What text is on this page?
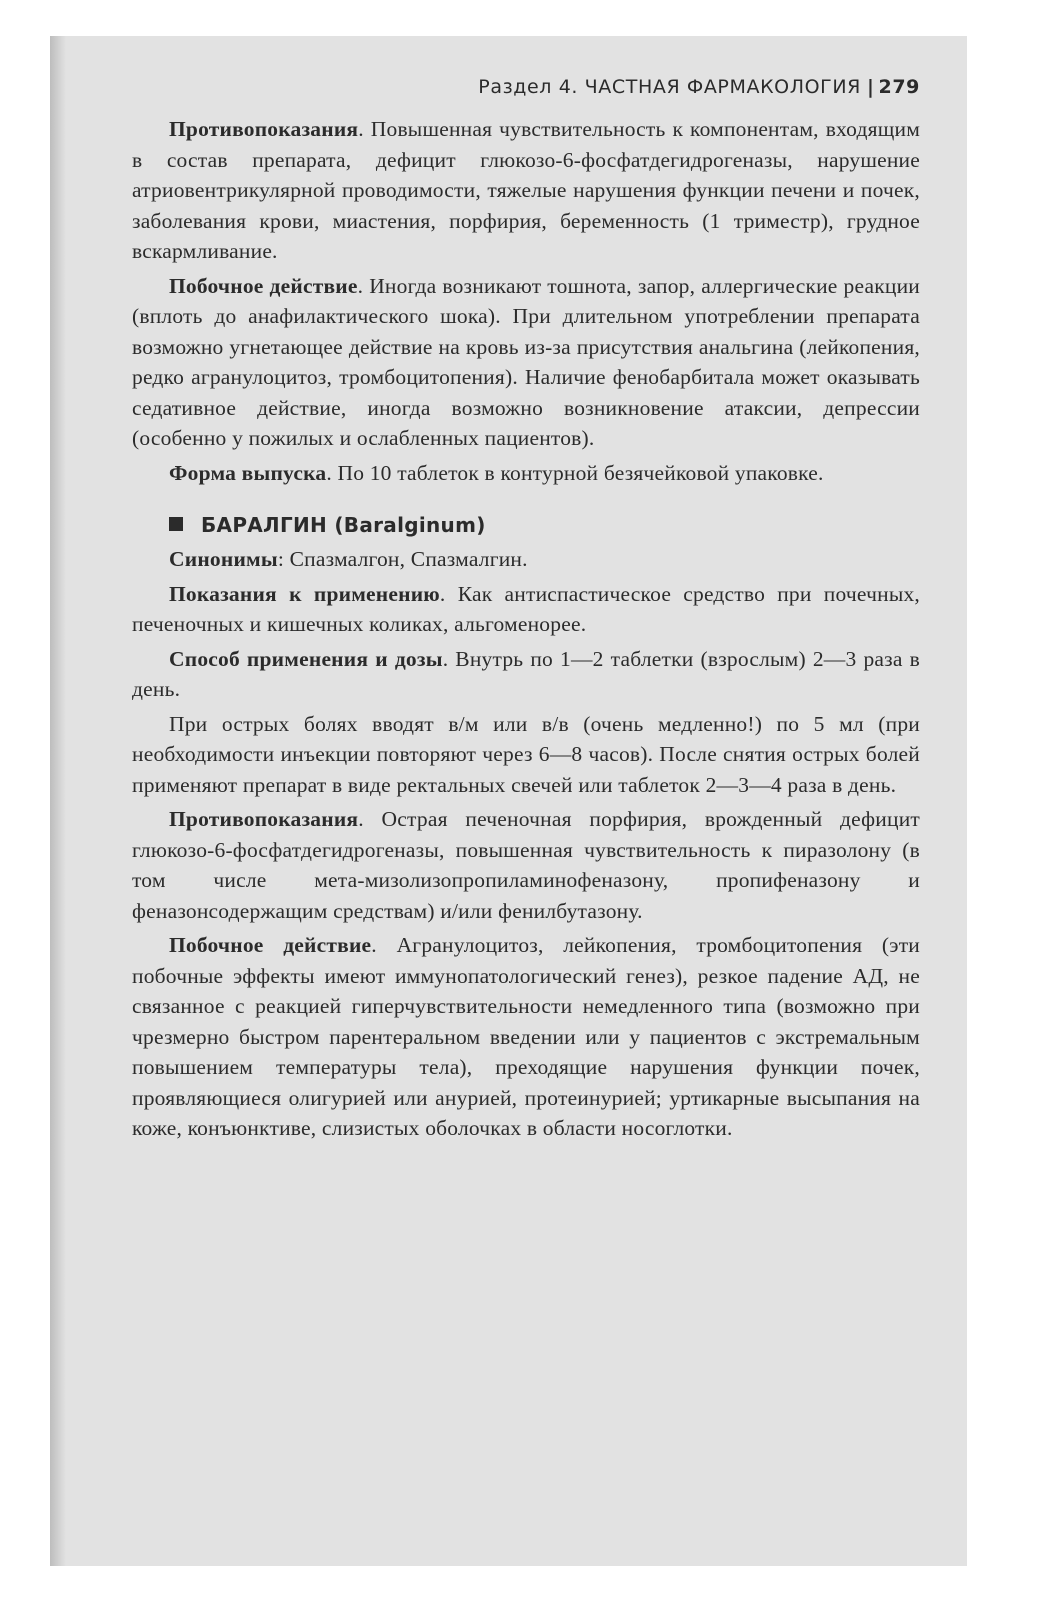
Раздел 4. ЧАСТНАЯ ФАРМАКОЛОГИЯ | 279

Противопоказания. Повышенная чувствительность к компонентам, входящим в состав препарата, дефицит глюкозо-6-фосфатдегидрогеназы, нарушение атриовентрикулярной проводимости, тяжелые нарушения функции печени и почек, заболевания крови, миастения, порфирия, беременность (1 триместр), грудное вскармливание.

Побочное действие. Иногда возникают тошнота, запор, аллергические реакции (вплоть до анафилактического шока). При длительном употреблении препарата возможно угнетающее действие на кровь из-за присутствия анальгина (лейкопения, редко агранулоцитоз, тромбоцитопения). Наличие фенобарбитала может оказывать седативное действие, иногда возможно возникновение атаксии, депрессии (особенно у пожилых и ослабленных пациентов).

Форма выпуска. По 10 таблеток в контурной безячейковой упаковке.

БАРАЛГИН (Baralginum)

Синонимы: Спазмалгон, Спазмалгин.

Показания к применению. Как антиспастическое средство при почечных, печеночных и кишечных коликах, альгоменорее.

Способ применения и дозы. Внутрь по 1—2 таблетки (взрослым) 2—3 раза в день.

При острых болях вводят в/м или в/в (очень медленно!) по 5 мл (при необходимости инъекции повторяют через 6—8 часов). После снятия острых болей применяют препарат в виде ректальных свечей или таблеток 2—3—4 раза в день.

Противопоказания. Острая печеночная порфирия, врожденный дефицит глюкозо-6-фосфатдегидрогеназы, повышенная чувствительность к пиразолону (в том числе мета-мизолизопропиламинофеназону, пропифеназону и феназонсодержащим средствам) и/или фенилбутазону.

Побочное действие. Агранулоцитоз, лейкопения, тромбоцитопения (эти побочные эффекты имеют иммунопатологический генез), резкое падение АД, не связанное с реакцией гиперчувствительности немедленного типа (возможно при чрезмерно быстром парентеральном введении или у пациентов с экстремальным повышением температуры тела), преходящие нарушения функции почек, проявляющиеся олигурией или анурией, протеинурией; уртикарные высыпания на коже, конъюнктиве, слизистых оболочках в области носоглотки.
